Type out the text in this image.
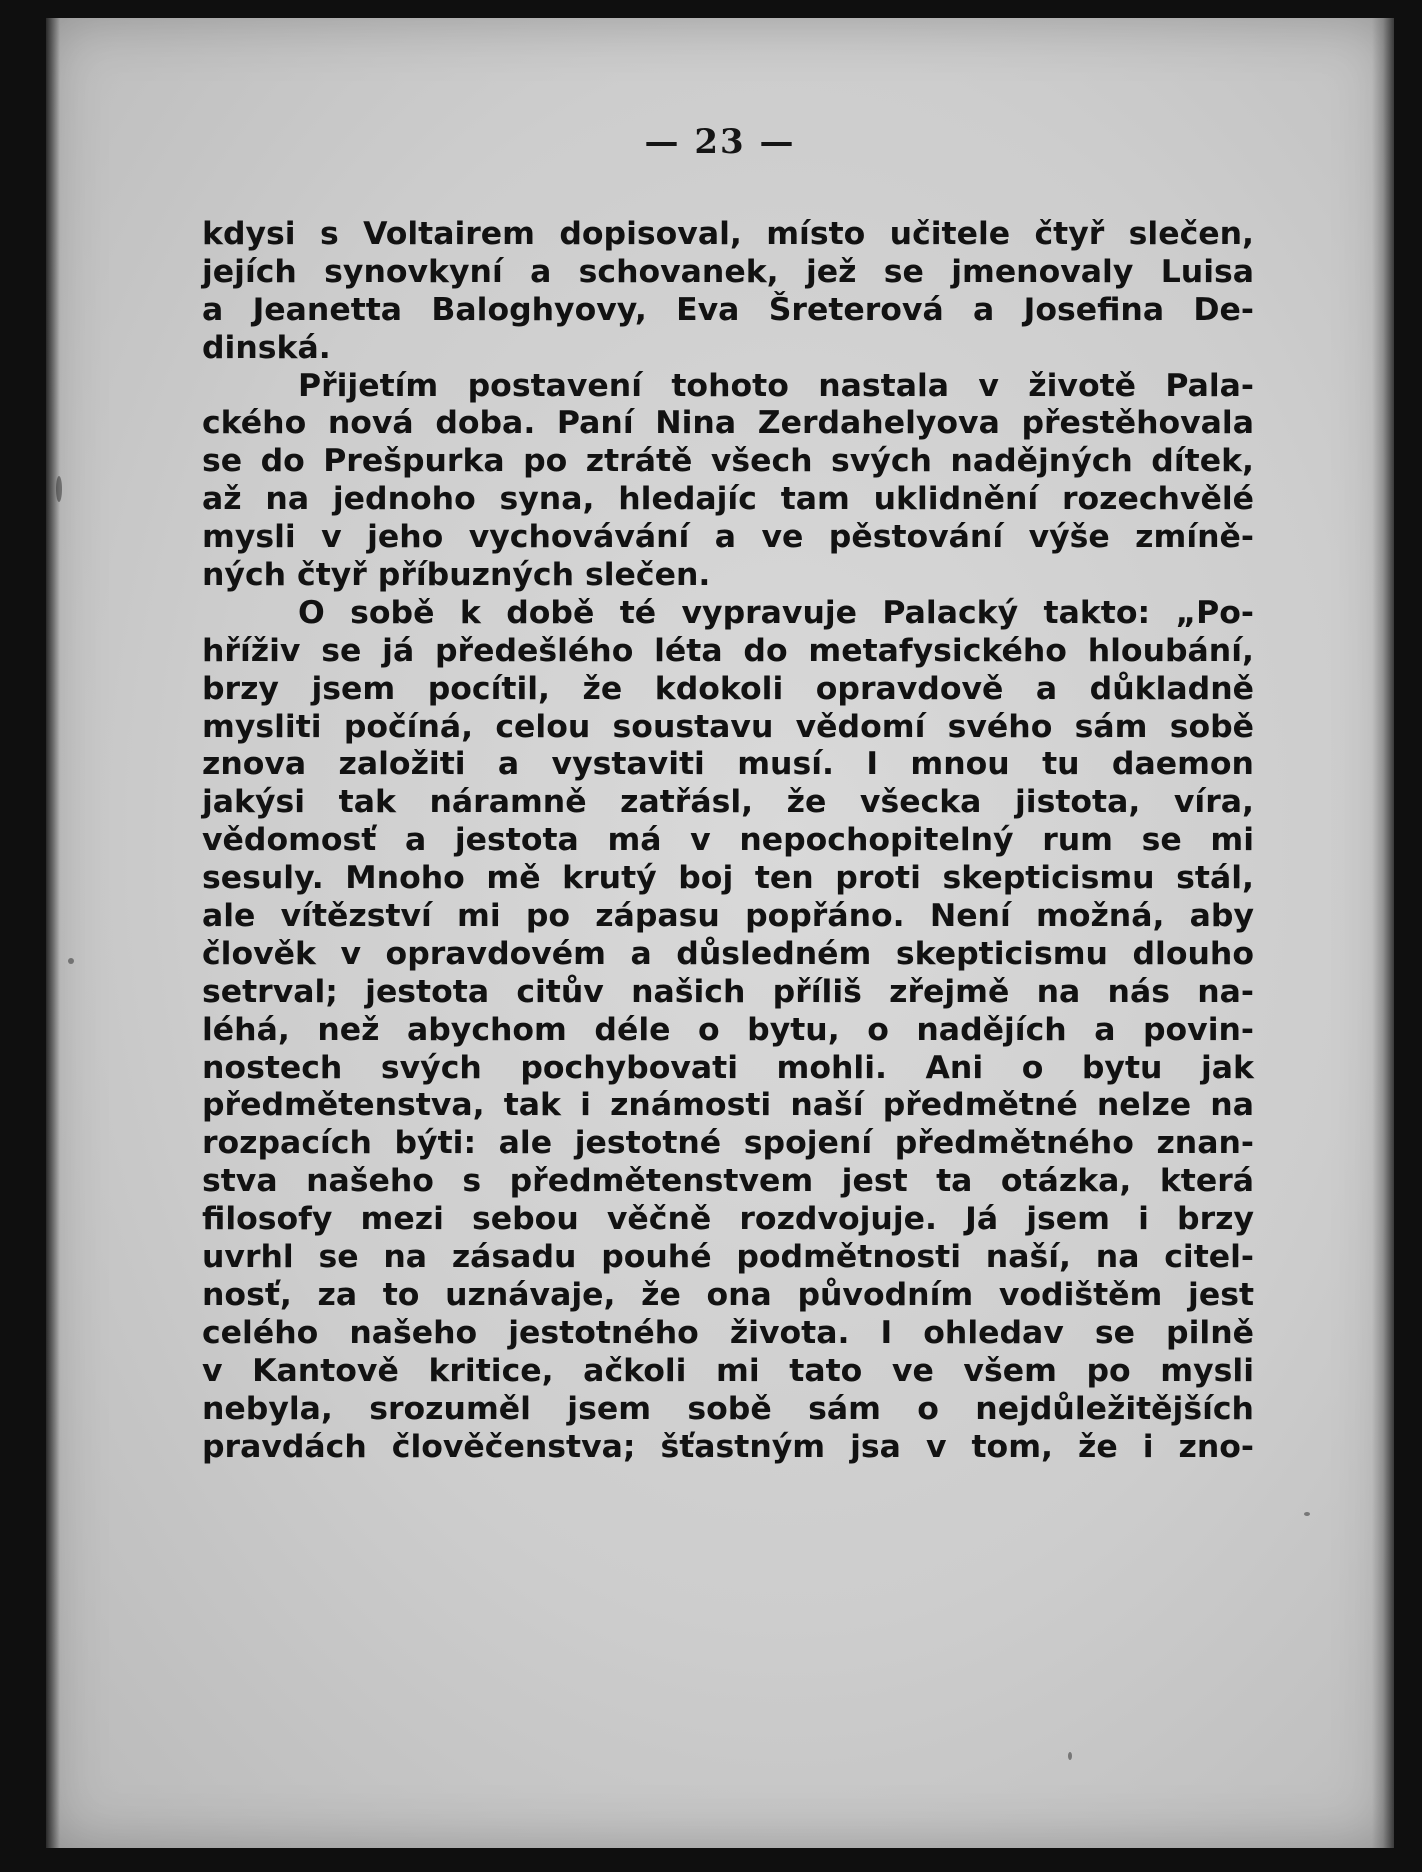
— 23 —
kdysi s Voltairem dopisoval, místo učitele čtyř slečen,
jejích synovkyní a schovanek, jež se jmenovaly Luisa
a Jeanetta Baloghyovy, Eva Šreterová a Josefina De-
dinská.
Přijetím postavení tohoto nastala v životě Pala-
ckého nová doba. Paní Nina Zerdahelyova přestěhovala
se do Prešpurka po ztrátě všech svých nadějných dítek,
až na jednoho syna, hledajíc tam uklidnění rozechvělé
mysli v jeho vychovávání a ve pěstování výše zmíně-
ných čtyř příbuzných slečen.
O sobě k době té vypravuje Palacký takto: „Po-
hříživ se já předešlého léta do metafysického hloubání,
brzy jsem pocítil, že kdokoli opravdově a důkladně
mysliti počíná, celou soustavu vědomí svého sám sobě
znova založiti a vystaviti musí. I mnou tu daemon
jakýsi tak náramně zatřásl, že všecka jistota, víra,
vědomosť a jestota má v nepochopitelný rum se mi
sesuly. Mnoho mě krutý boj ten proti skepticismu stál,
ale vítězství mi po zápasu popřáno. Není možná, aby
člověk v opravdovém a důsledném skepticismu dlouho
setrval; jestota citův našich příliš zřejmě na nás na-
léhá, než abychom déle o bytu, o nadějích a povin-
nostech svých pochybovati mohli. Ani o bytu jak
předmětenstva, tak i známosti naší předmětné nelze na
rozpacích býti: ale jestotné spojení předmětného znan-
stva našeho s předmětenstvem jest ta otázka, která
filosofy mezi sebou věčně rozdvojuje. Já jsem i brzy
uvrhl se na zásadu pouhé podmětnosti naší, na citel-
nosť, za to uznávaje, že ona původním vodištěm jest
celého našeho jestotného života. I ohledav se pilně
v Kantově kritice, ačkoli mi tato ve všem po mysli
nebyla, srozuměl jsem sobě sám o nejdůležitějších
pravdách člověčenstva; šťastným jsa v tom, že i zno-
